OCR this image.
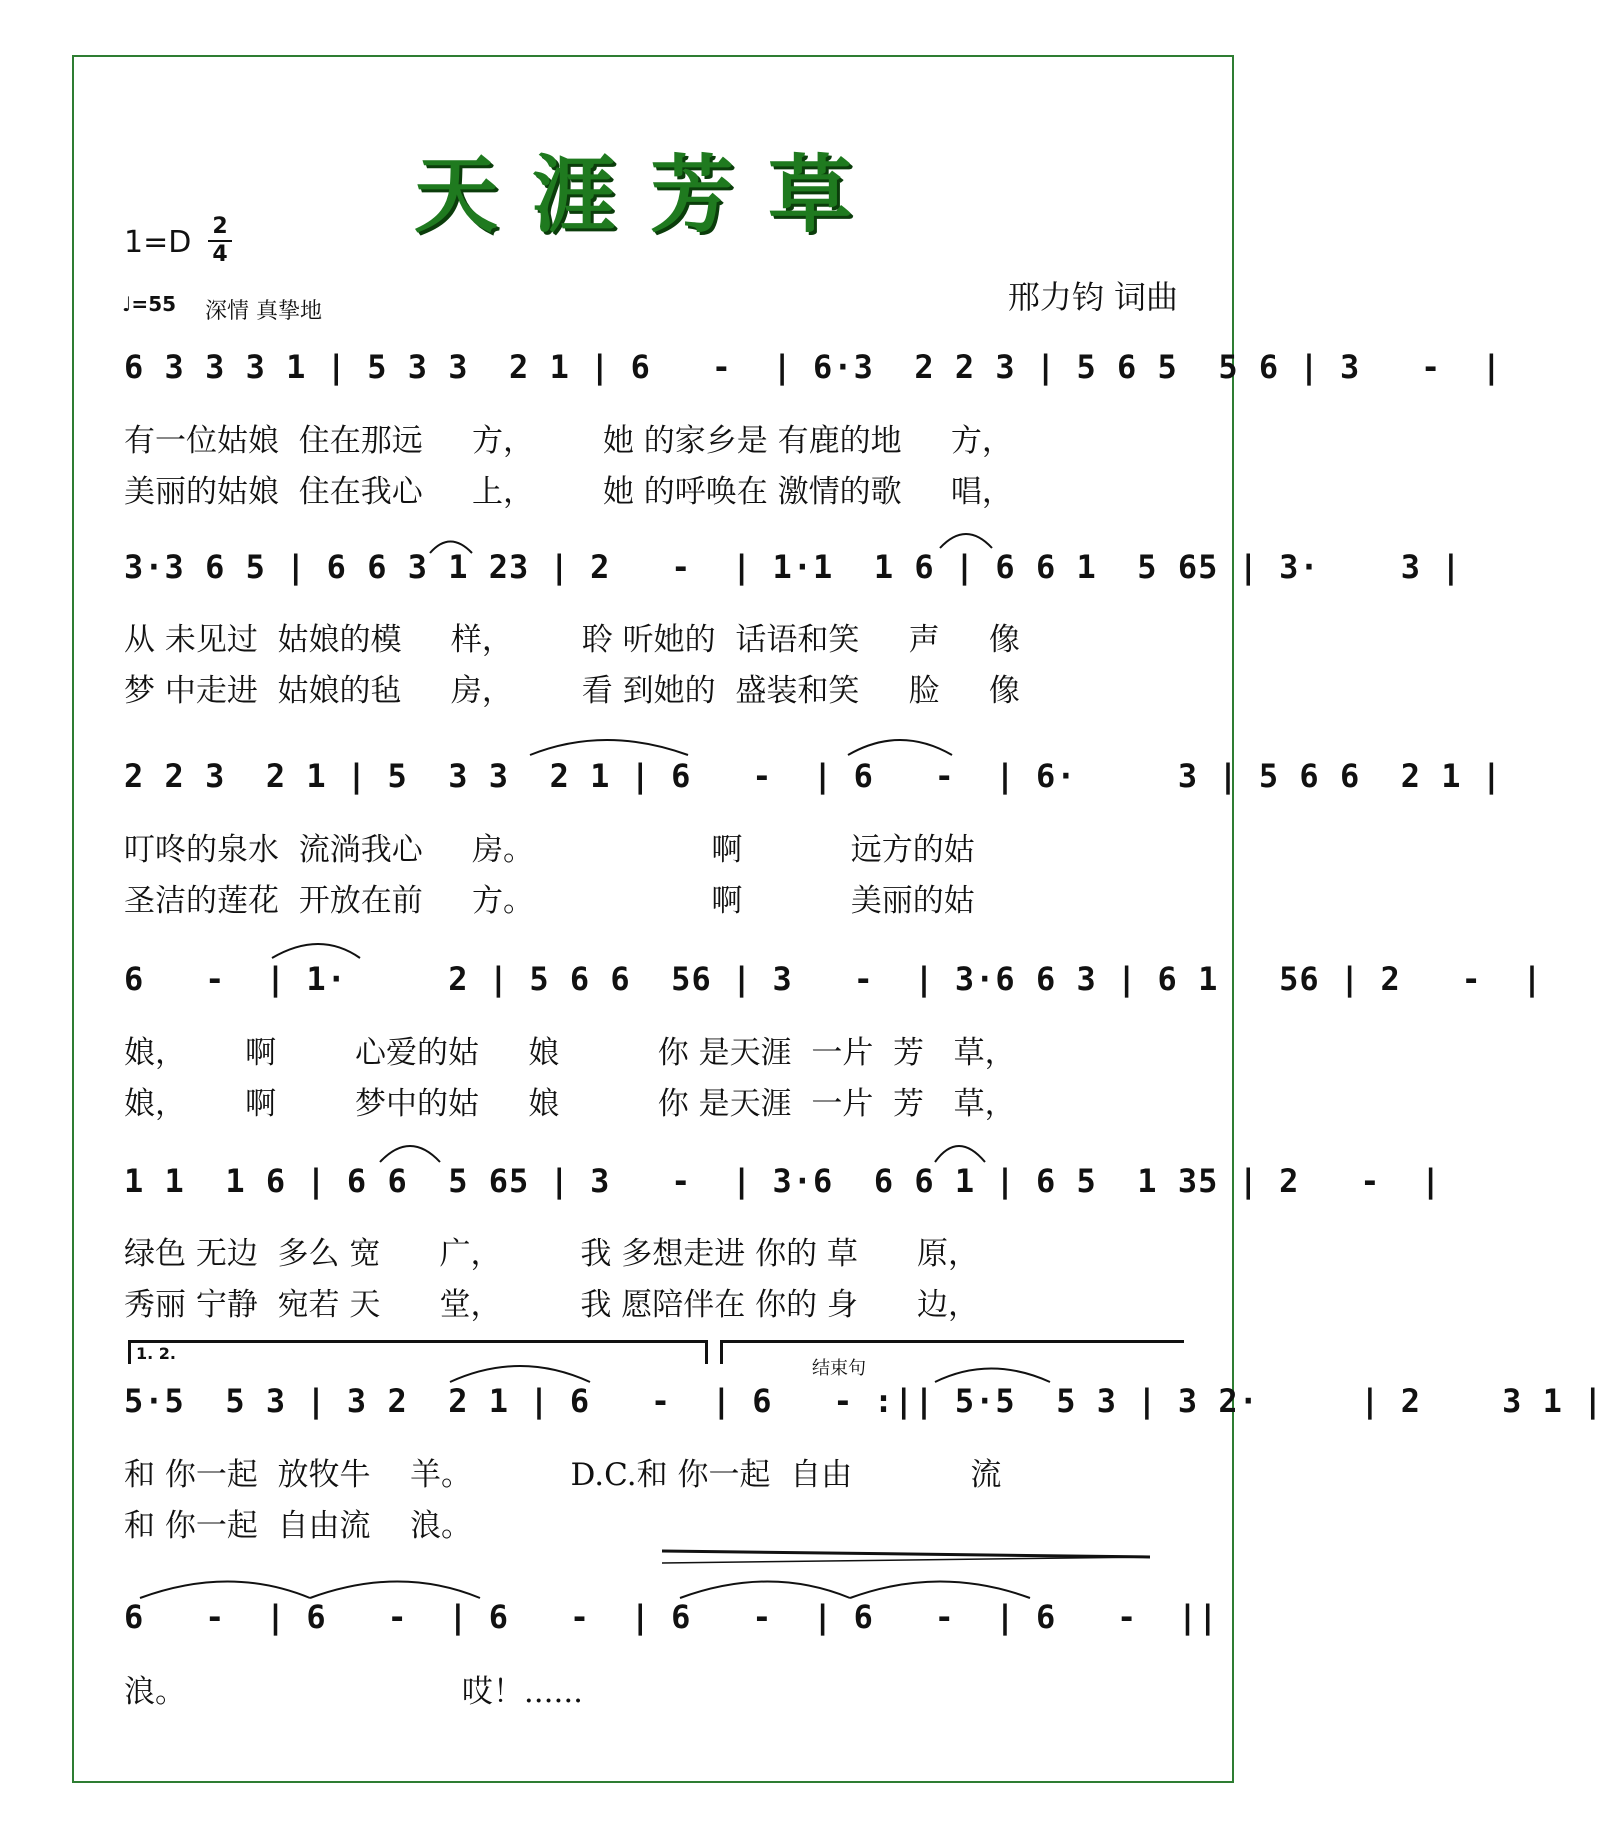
天涯芳草
1=D 2
4
♩=55 深情 真挚地	邢力钧 词曲
6 3 3 3 1 | 5 3 3  2 1 | 6   -  | 6·3  2 2 3 | 5 6 5  5 6 | 3   -  |
有一位姑娘  住在那远     方，       她 的家乡是 有鹿的地     方，
美丽的姑娘  住在我心     上，       她 的呼唤在 激情的歌     唱，
3·3 6 5 | 6 6 3 1 23 | 2   -  | 1·1  1 6 | 6 6 1  5 65 | 3·    3 |
从 未见过  姑娘的模     样，       聆 听她的  话语和笑     声     像
梦 中走进  姑娘的毡     房，       看 到她的  盛装和笑     脸     像
2 2 3  2 1 | 5  3 3  2 1 | 6   -  | 6   -  | 6·     3 | 5 6 6  2 1 |
叮咚的泉水  流淌我心     房。                  啊           远方的姑
圣洁的莲花  开放在前     方。                  啊           美丽的姑
6   -  | 1·     2 | 5 6 6  56 | 3   -  | 3·6 6 3 | 6 1   56 | 2   -  |
娘，      啊        心爱的姑     娘          你 是天涯  一片  芳   草，
娘，      啊        梦中的姑     娘          你 是天涯  一片  芳   草，
1 1  1 6 | 6 6  5 65 | 3   -  | 3·6  6 6 1 | 6 5  1 35 | 2   -  |
绿色 无边  多么 宽      广，        我 多想走进 你的 草      原，
秀丽 宁静  宛若 天      堂，        我 愿陪伴在 你的 身      边，
1. 2.
结束句
5·5  5 3 | 3 2  2 1 | 6   -  | 6   - :|| 5·5  5 3 | 3 2·     | 2    3 1 |
和 你一起  放牧牛    羊。          D.C.和 你一起  自由            流
和 你一起  自由流    浪。
6   -  | 6   -  | 6   -  | 6   -  | 6   -  | 6   -  ||
浪。                            哎！......
